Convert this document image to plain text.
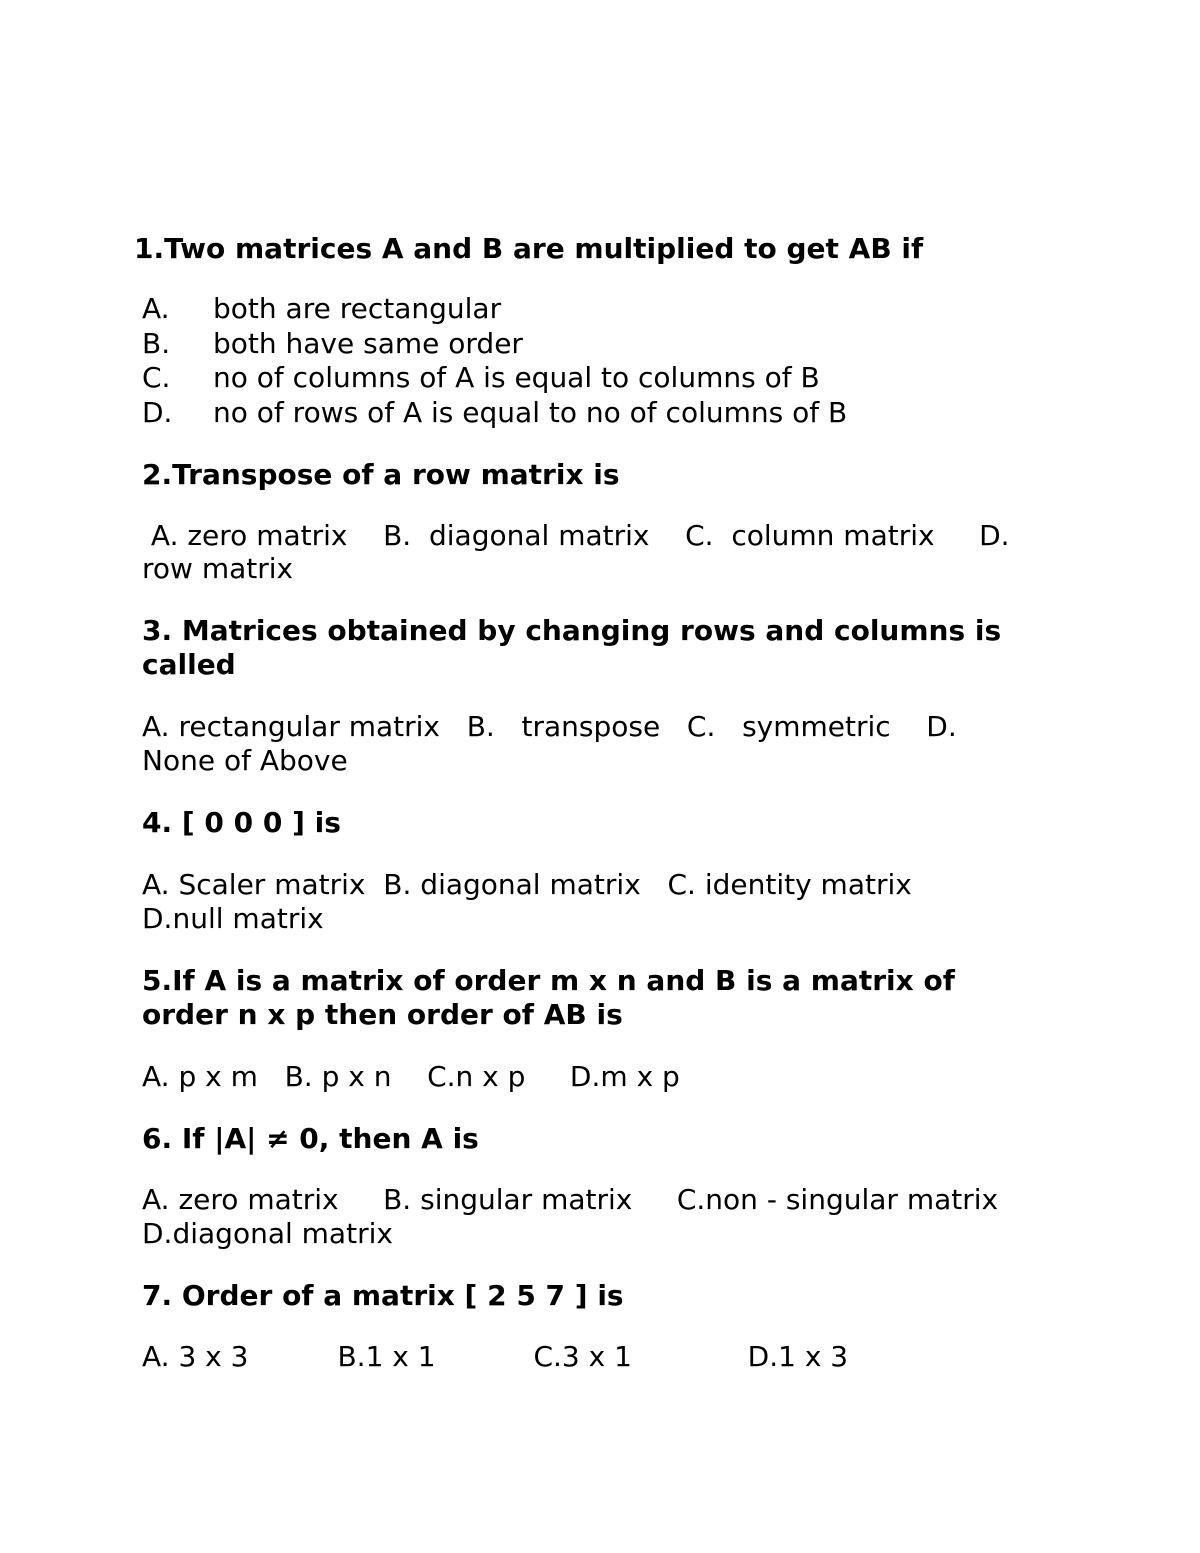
1.Two matrices A and B are multiplied to get AB if
A.	both are rectangular
B.	both have same order
C.	no of columns of A is equal to columns of B
D.	no of rows of A is equal to no of columns of B
2.Transpose of a row matrix is
A. zero matrix    B.  diagonal matrix    C.  column matrix     D.
row matrix
3. Matrices obtained by changing rows and columns is
called
A. rectangular matrix   B.   transpose   C.   symmetric    D.
None of Above
4. [ 0 0 0 ] is
A. Scaler matrix  B. diagonal matrix   C. identity matrix
D.null matrix
5.If A is a matrix of order m x n and B is a matrix of
order n x p then order of AB is
A. p x m   B. p x n    C.n x p     D.m x p
6. If |A| ≠ 0, then A is
A. zero matrix     B. singular matrix     C.non - singular matrix
D.diagonal matrix
7. Order of a matrix [ 2 5 7 ] is
A. 3 x 3          B.1 x 1           C.3 x 1             D.1 x 3
